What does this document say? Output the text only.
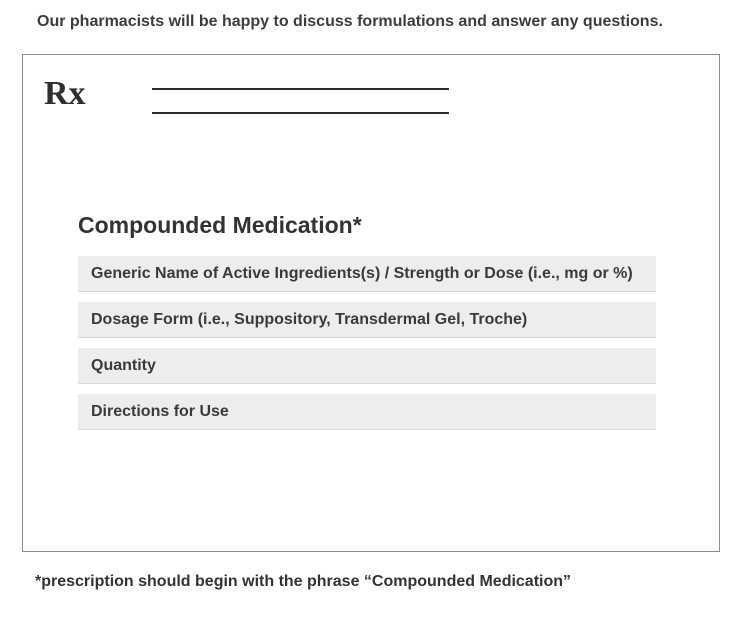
Our pharmacists will be happy to discuss formulations and answer any questions.
Rx
Compounded Medication*
Generic Name of Active Ingredients(s) / Strength or Dose (i.e., mg or %)
Dosage Form (i.e., Suppository, Transdermal Gel, Troche)
Quantity
Directions for Use
*prescription should begin with the phrase “Compounded Medication”
